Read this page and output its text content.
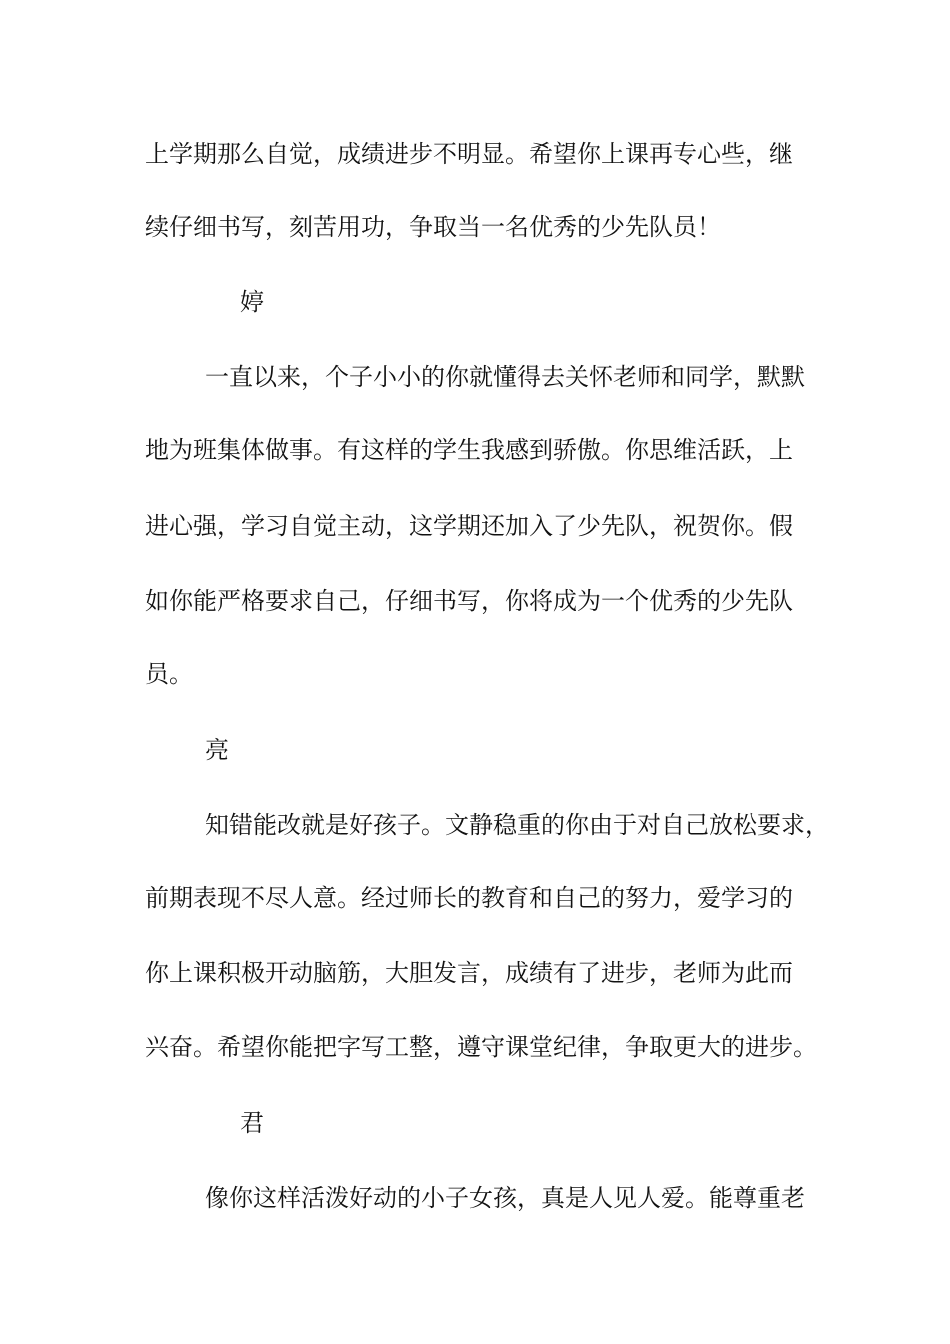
上学期那么自觉，成绩进步不明显。希望你上课再专心些，继
续仔细书写，刻苦用功，争取当一名优秀的少先队员！
婷
一直以来，个子小小的你就懂得去关怀老师和同学，默默
地为班集体做事。有这样的学生我感到骄傲。你思维活跃，上
进心强，学习自觉主动，这学期还加入了少先队，祝贺你。假
如你能严格要求自己，仔细书写，你将成为一个优秀的少先队
员。
亮
知错能改就是好孩子。文静稳重的你由于对自己放松要求，
前期表现不尽人意。经过师长的教育和自己的努力，爱学习的
你上课积极开动脑筋，大胆发言，成绩有了进步，老师为此而
兴奋。希望你能把字写工整，遵守课堂纪律，争取更大的进步。
君
像你这样活泼好动的小子女孩，真是人见人爱。能尊重老
